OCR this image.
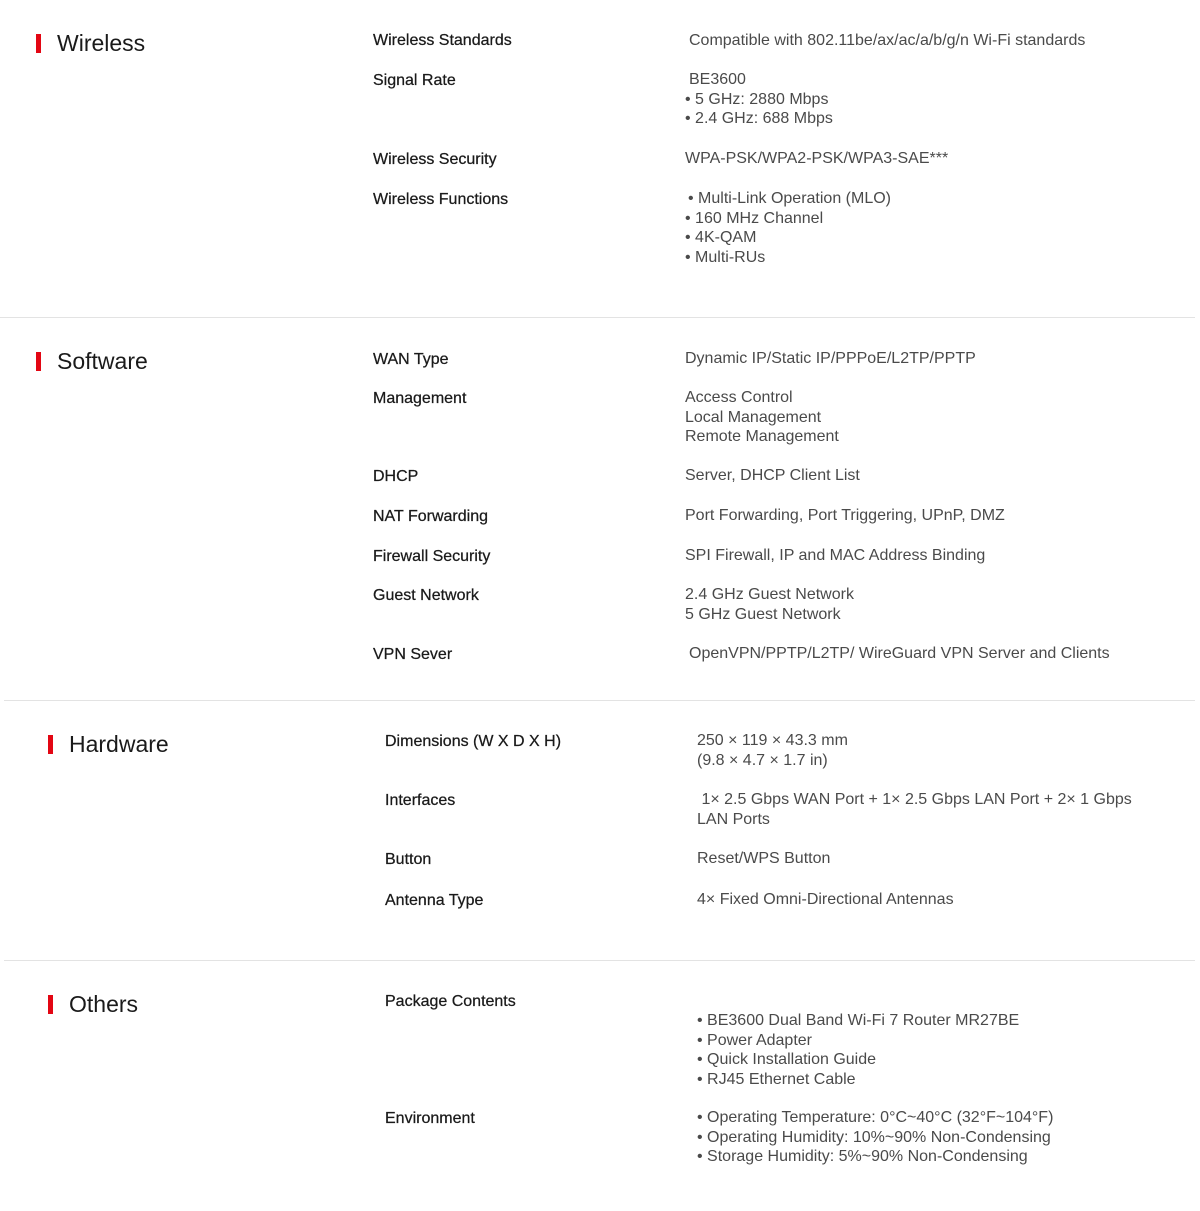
Wireless	Wireless Standards	Compatible with 802.11be/ax/ac/a/b/g/n Wi-Fi standards
Signal Rate	BE3600
• 5 GHz: 2880 Mbps
• 2.4 GHz: 688 Mbps
Wireless Security	WPA-PSK/WPA2-PSK/WPA3-SAE***
Wireless Functions	• Multi-Link Operation (MLO)
• 160 MHz Channel
• 4K-QAM
• Multi-RUs
Software	WAN Type	Dynamic IP/Static IP/PPPoE/L2TP/PPTP
Management	Access Control
Local Management
Remote Management
DHCP	Server, DHCP Client List
NAT Forwarding	Port Forwarding, Port Triggering, UPnP, DMZ
Firewall Security	SPI Firewall, IP and MAC Address Binding
Guest Network	2.4 GHz Guest Network
5 GHz Guest Network
VPN Sever	OpenVPN/PPTP/L2TP/ WireGuard VPN Server and Clients
Hardware	Dimensions (W X D X H)	250 × 119 × 43.3 mm
(9.8 × 4.7 × 1.7 in)
Interfaces	1× 2.5 Gbps WAN Port + 1× 2.5 Gbps LAN Port + 2× 1 Gbps
LAN Ports
Button	Reset/WPS Button
Antenna Type	4× Fixed Omni-Directional Antennas
Others	Package Contents
• BE3600 Dual Band Wi-Fi 7 Router MR27BE
• Power Adapter
• Quick Installation Guide
• RJ45 Ethernet Cable
Environment	• Operating Temperature: 0°C~40°C (32°F~104°F)
• Operating Humidity: 10%~90% Non-Condensing
• Storage Humidity: 5%~90% Non-Condensing
